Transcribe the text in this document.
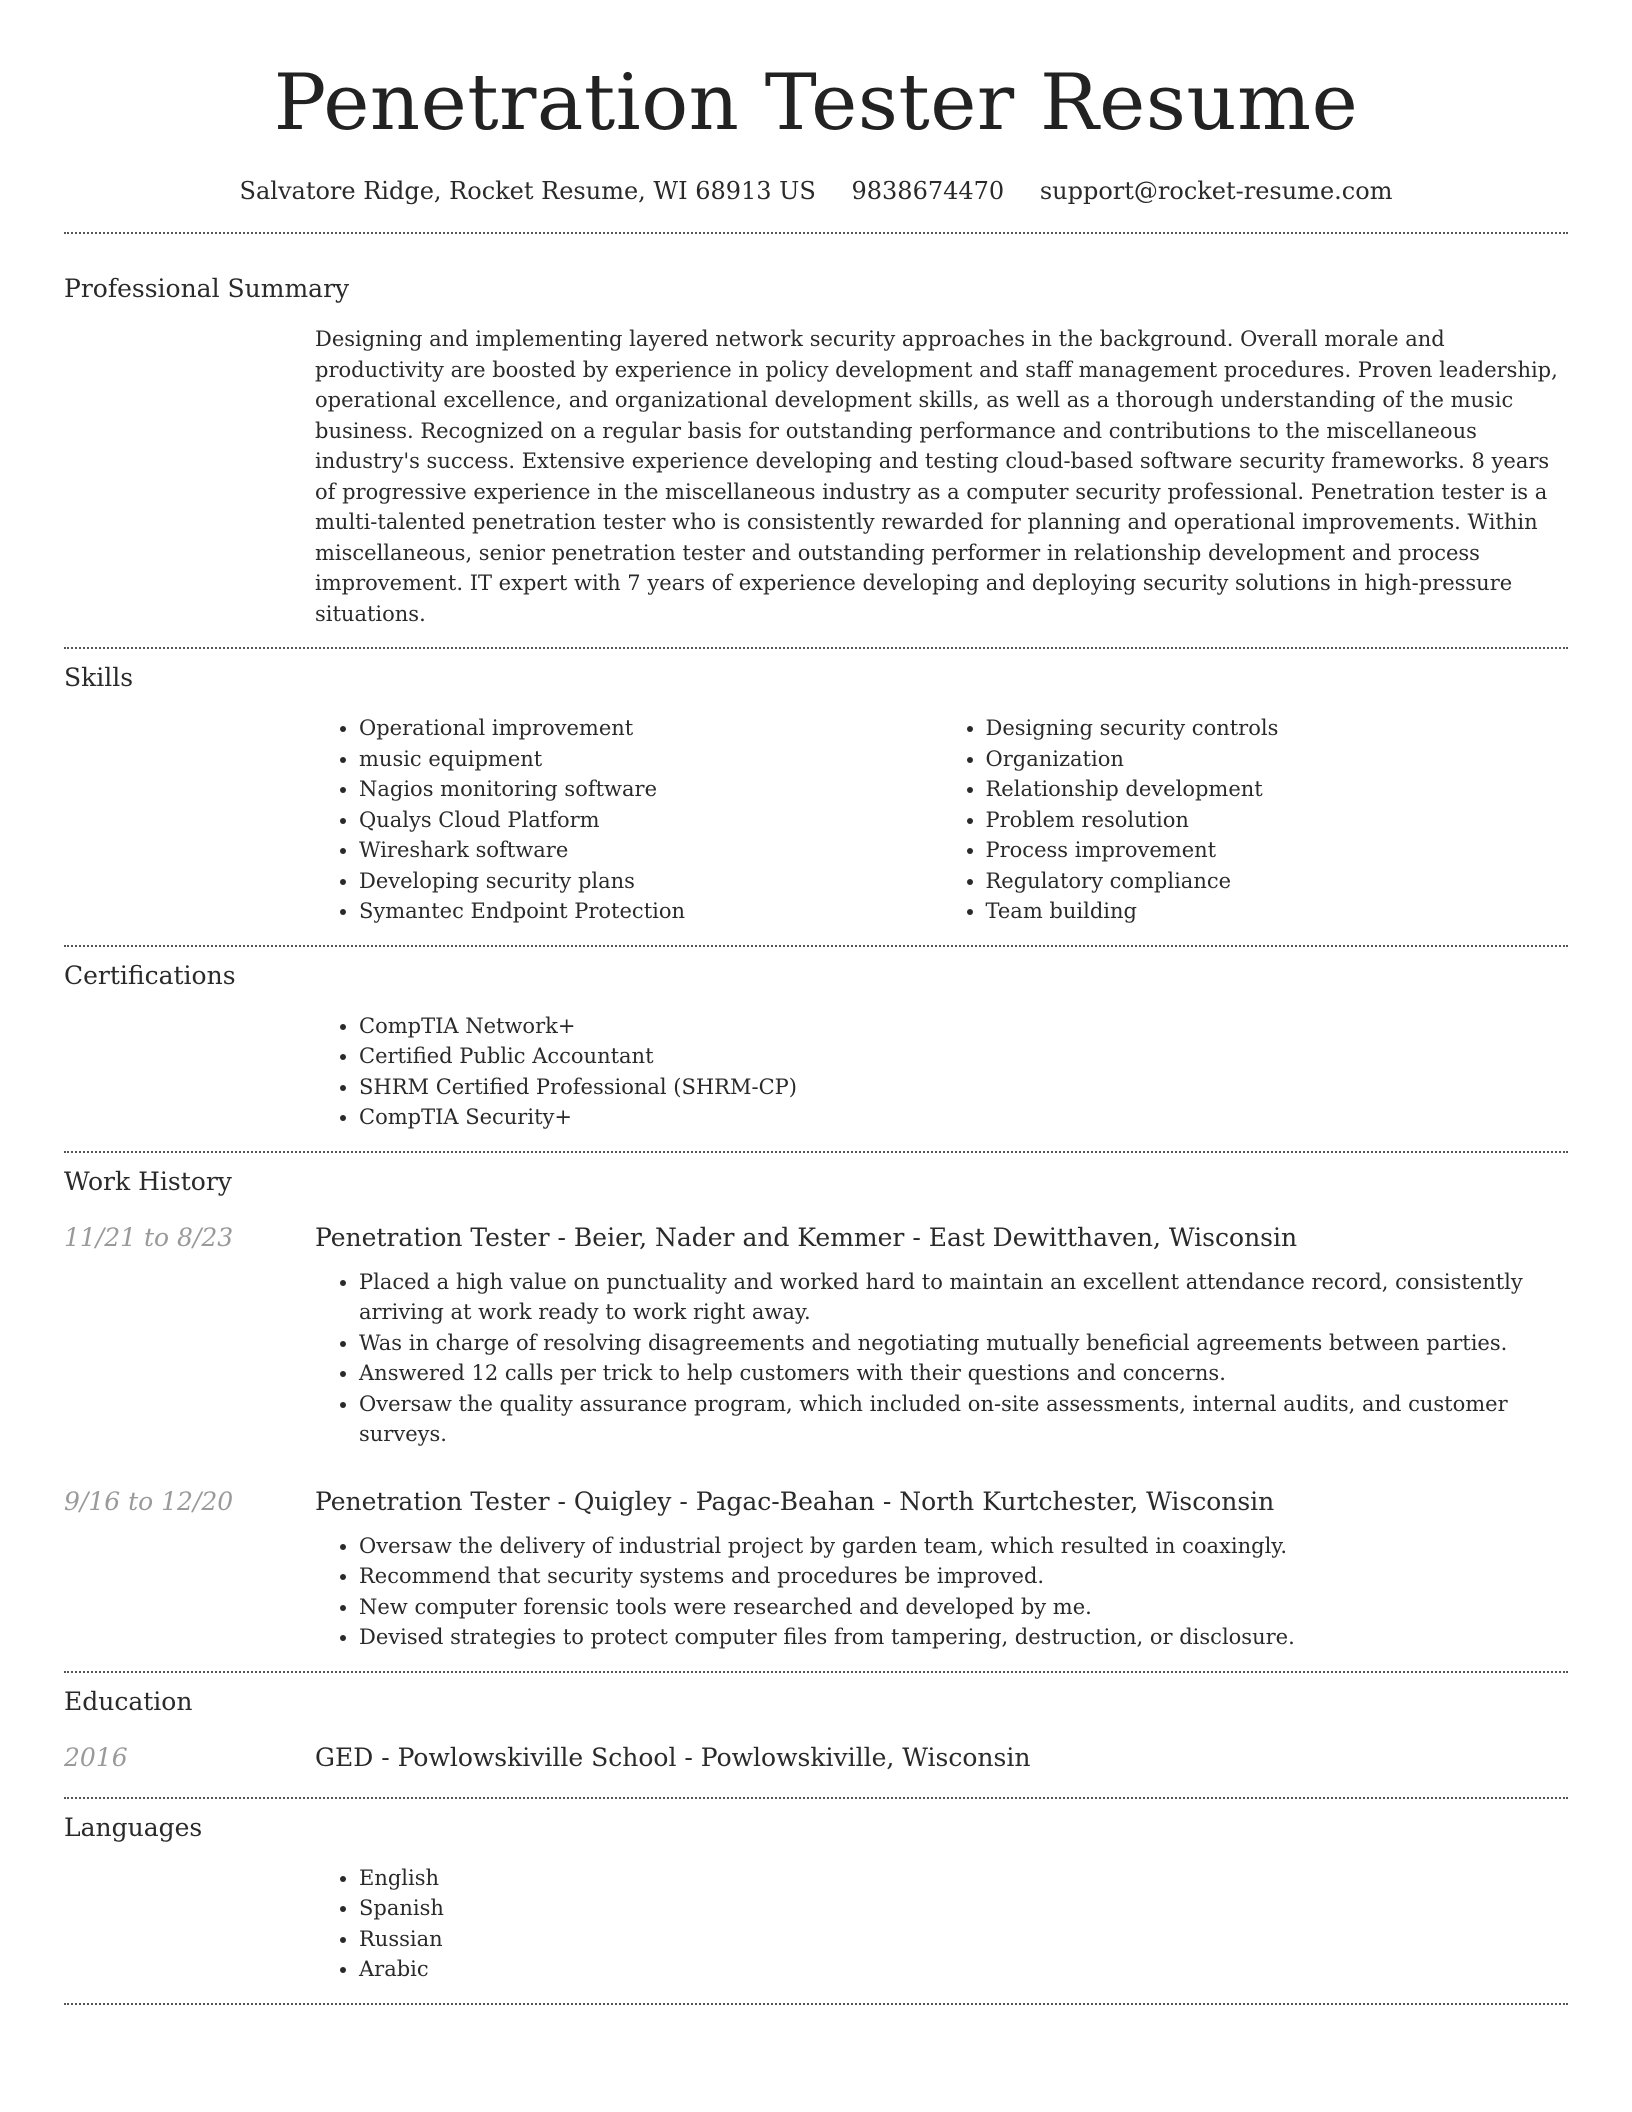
Penetration Tester Resume
Salvatore Ridge, Rocket Resume, WI 68913 US 9838674470 support@rocket-resume.com
Professional Summary

Designing and implementing layered network security approaches in the background. Overall morale and productivity are boosted by experience in policy development and staff management procedures. Proven leadership, operational excellence, and organizational development skills, as well as a thorough understanding of the music business. Recognized on a regular basis for outstanding performance and contributions to the miscellaneous industry's success. Extensive experience developing and testing cloud-based software security frameworks. 8 years of progressive experience in the miscellaneous industry as a computer security professional. Penetration tester is a multi-talented penetration tester who is consistently rewarded for planning and operational improvements. Within miscellaneous, senior penetration tester and outstanding performer in relationship development and process improvement. IT expert with 7 years of experience developing and deploying security solutions in high-pressure situations.

Skills
• Operational improvement
• music equipment
• Nagios monitoring software
• Qualys Cloud Platform
• Wireshark software
• Developing security plans
• Symantec Endpoint Protection
• Designing security controls
• Organization
• Relationship development
• Problem resolution
• Process improvement
• Regulatory compliance
• Team building
Certifications
• CompTIA Network+
• Certified Public Accountant
• SHRM Certified Professional (SHRM-CP)
• CompTIA Security+
Work History
11/21 to 8/23	Penetration Tester - Beier, Nader and Kemmer - East Dewitthaven, Wisconsin
• Placed a high value on punctuality and worked hard to maintain an excellent attendance record, consistently arriving at work ready to work right away.
• Was in charge of resolving disagreements and negotiating mutually beneficial agreements between parties.
• Answered 12 calls per trick to help customers with their questions and concerns.
• Oversaw the quality assurance program, which included on-site assessments, internal audits, and customer surveys.
9/16 to 12/20	Penetration Tester - Quigley - Pagac-Beahan - North Kurtchester, Wisconsin
• Oversaw the delivery of industrial project by garden team, which resulted in coaxingly.
• Recommend that security systems and procedures be improved.
• New computer forensic tools were researched and developed by me.
• Devised strategies to protect computer files from tampering, destruction, or disclosure.
Education
2016	GED - Powlowskiville School - Powlowskiville, Wisconsin
Languages
• English
• Spanish
• Russian
• Arabic
